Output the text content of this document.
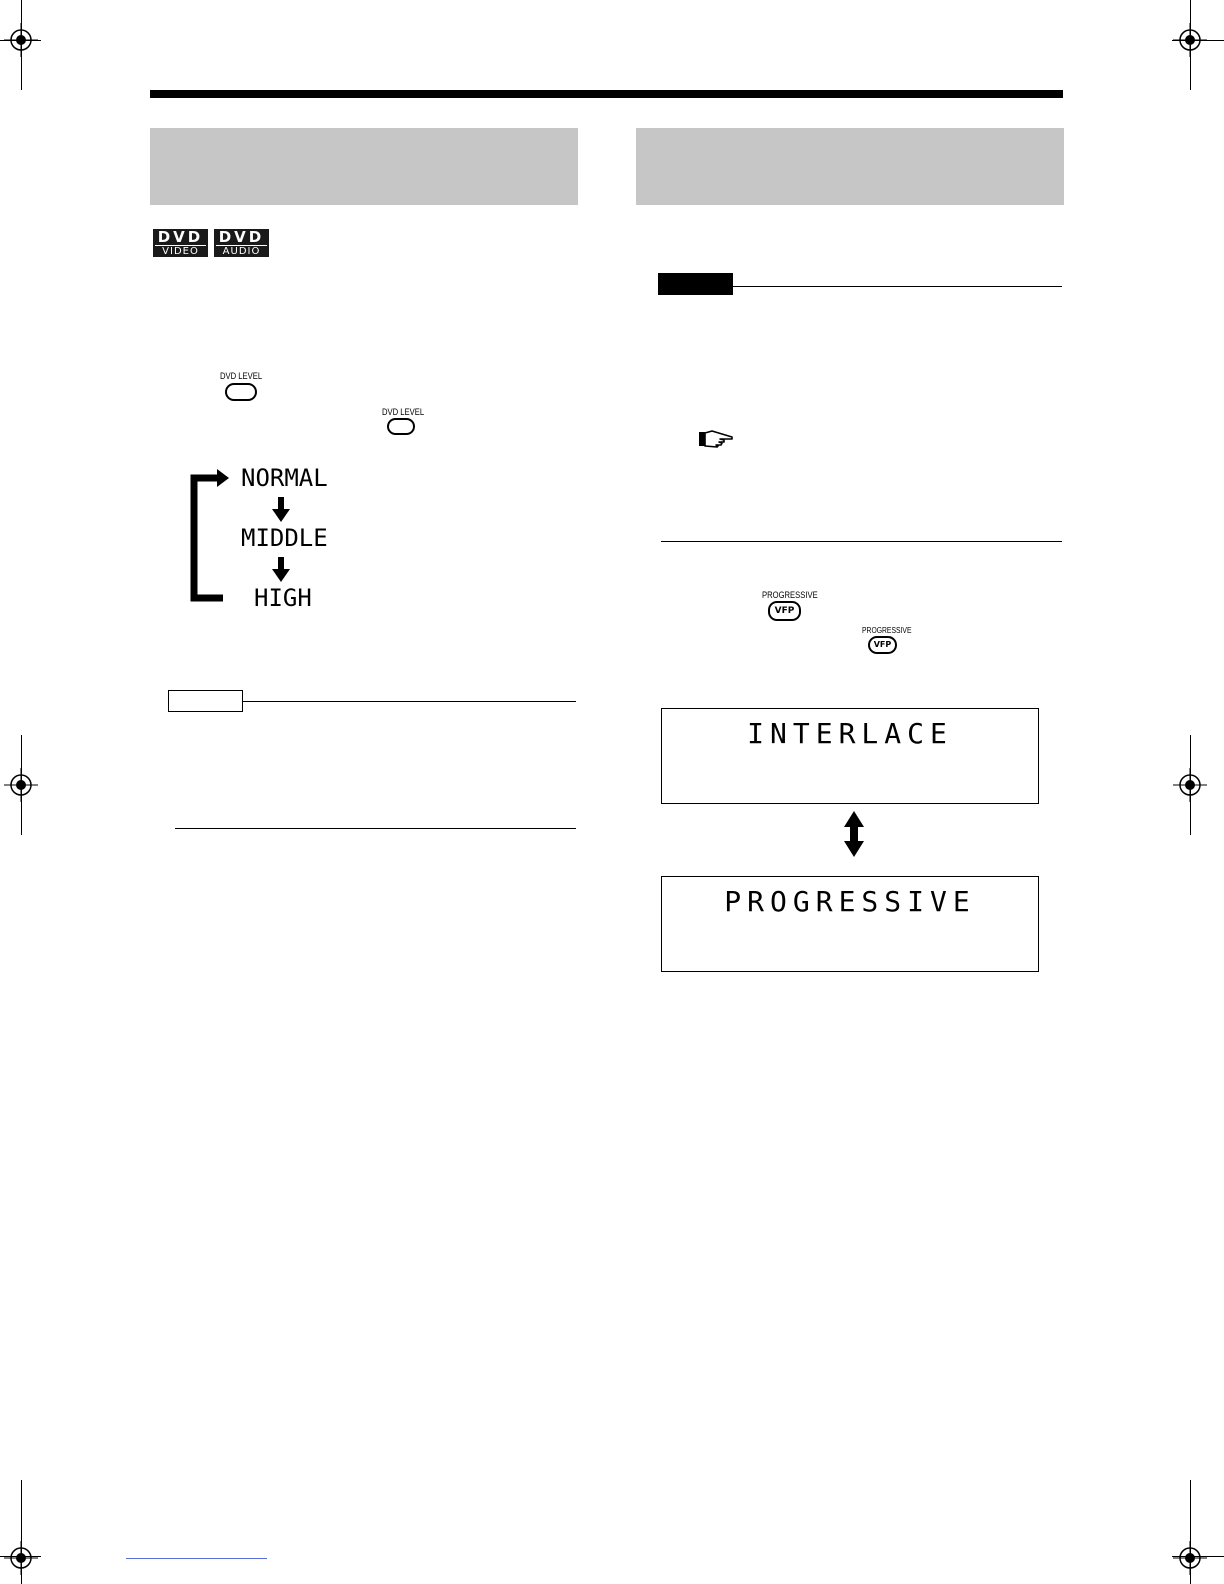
DVD
VIDEO
DVD
AUDIO
DVD LEVEL
DVD LEVEL
NORMAL
MIDDLE
HIGH	PROGRESSIVE
VFP
PROGRESSIVE
VFP
INTERLACE
PROGRESSIVE
